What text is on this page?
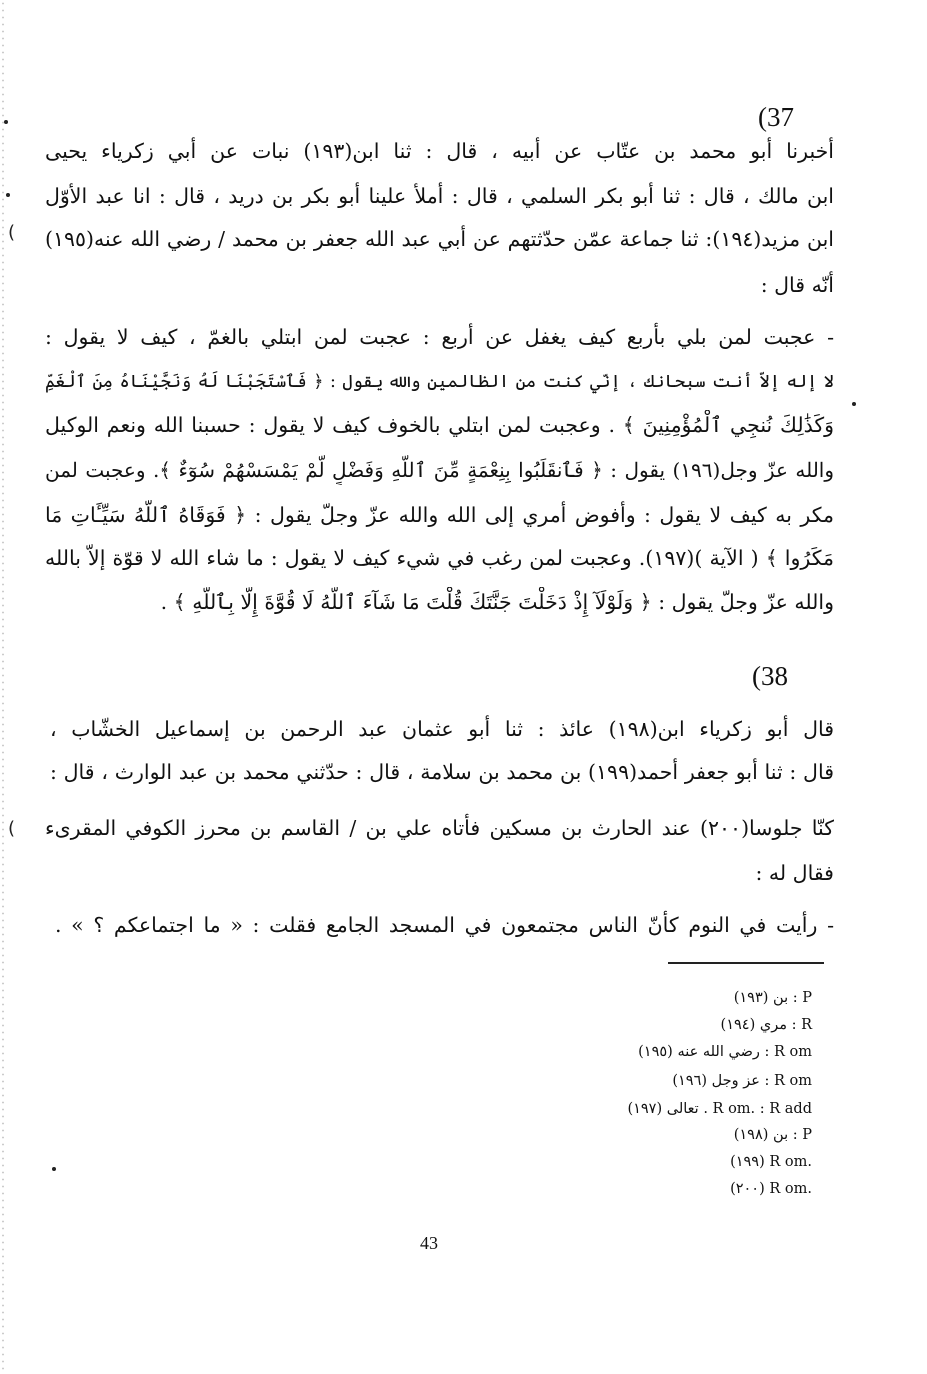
(37
أخبرنا أبو محمد بن عتّاب عن أبيه ، قال : ثنا ابن(١٩٣) نبات عن أبي زكرياء يحيى
ابن مالك ، قال : ثنا أبو بكر السلمي ، قال : أملأ علينا أبو بكر بن دريد ، قال : انا عبد الأوّل
ابن مزيد(١٩٤): ثنا جماعة عمّن حدّثتهم عن أبي عبد الله جعفر بن محمد / رضي الله عنه(١٩٥)
أنّه قال :
- عجبت لمن بلي بأربع كيف يغفل عن أربع : عجبت لمن ابتلي بالغمّ ، كيف لا يقول :
لا إله إلاّ أنت سبحانك ، إنّي كنت من الظالمين والله يقول : ﴿ فَٱسْتَجَبْنَا لَهُ وَنَجَّيْنَاهُ مِنَ ٱلْغَمِّ
وَكَذَٰلِكَ نُنجِي ٱلْمُؤْمِنِينَ ﴾ . وعجبت لمن ابتلي بالخوف كيف لا يقول : حسبنا الله ونعم الوكيل
والله عزّ وجل(١٩٦) يقول : ﴿ فَٱنقَلَبُوا بِنِعْمَةٍ مِّنَ ٱللَّهِ وَفَضْلٍ لَّمْ يَمْسَسْهُمْ سُوٓءٌ ﴾. وعجبت لمن
مكر به كيف لا يقول : وأفوض أمري إلى الله والله عزّ وجلّ يقول : ﴿ فَوَقَاهُ ٱللَّهُ سَيِّـَٔاتِ مَا
مَكَرُوا ﴾ ( الآية )(١٩٧). وعجبت لمن رغب في شيء كيف لا يقول : ما شاء الله لا قوّة إلاّ بالله
والله عزّ وجلّ يقول : ﴿ وَلَوْلَآ إِذْ دَخَلْتَ جَنَّتَكَ قُلْتَ مَا شَآءَ ٱللَّهُ لَا قُوَّةَ إِلَّا بِٱللَّهِ ﴾ .
(38
قال أبو زكرياء ابن(١٩٨) عائذ : ثنا أبو عثمان عبد الرحمن بن إسماعيل الخشّاب ،
قال : ثنا أبو جعفر أحمد(١٩٩) بن محمد بن سلامة ، قال : حدّثني محمد بن عبد الوارث ، قال :
كنّا جلوسا(٢٠٠) عند الحارث بن مسكين فأتاه علي بن / القاسم بن محرز الكوفي المقرىء
فقال له :
- رأيت في النوم كأنّ الناس مجتمعون في المسجد الجامع فقلت : « ما اجتماعكم ؟ » .
(
(
(١٩٣) بن : P
(١٩٤) مري : R
(١٩٥) رضي الله عنه : R om
(١٩٦) عز وجل : R om
(١٩٧) تعالى . R om. : R add
(١٩٨) بن : P
(١٩٩) R om.
(٢٠٠) R om.
43
